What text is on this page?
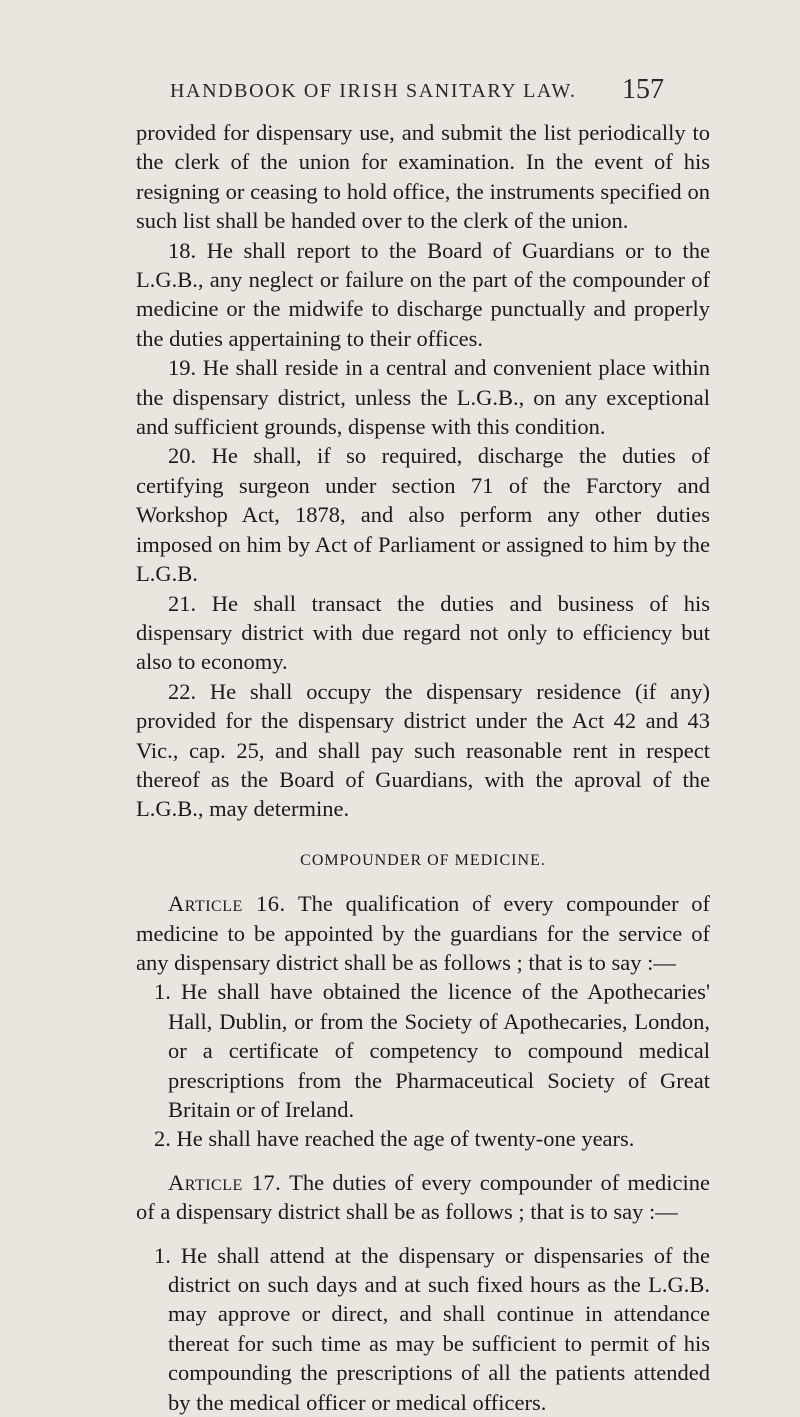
HANDBOOK OF IRISH SANITARY LAW. 157

provided for dispensary use, and submit the list periodically to the clerk of the union for examination. In the event of his resigning or ceasing to hold office, the instruments specified on such list shall be handed over to the clerk of the union.

18. He shall report to the Board of Guardians or to the L.G.B., any neglect or failure on the part of the compounder of medicine or the midwife to discharge punctually and properly the duties appertaining to their offices.

19. He shall reside in a central and convenient place within the dispensary district, unless the L.G.B., on any exceptional and sufficient grounds, dispense with this condition.

20. He shall, if so required, discharge the duties of certifying surgeon under section 71 of the Farctory and Workshop Act, 1878, and also perform any other duties imposed on him by Act of Parliament or assigned to him by the L.G.B.

21. He shall transact the duties and business of his dispensary district with due regard not only to efficiency but also to economy.

22. He shall occupy the dispensary residence (if any) provided for the dispensary district under the Act 42 and 43 Vic., cap. 25, and shall pay such reasonable rent in respect thereof as the Board of Guardians, with the aproval of the L.G.B., may determine.

COMPOUNDER OF MEDICINE.

Article 16. The qualification of every compounder of medicine to be appointed by the guardians for the service of any dispensary district shall be as follows ; that is to say :—

1. He shall have obtained the licence of the Apothecaries' Hall, Dublin, or from the Society of Apothecaries, London, or a certificate of competency to compound medical prescriptions from the Pharmaceutical Society of Great Britain or of Ireland.

2. He shall have reached the age of twenty-one years.

Article 17. The duties of every compounder of medicine of a dispensary district shall be as follows ; that is to say :—

1. He shall attend at the dispensary or dispensaries of the district on such days and at such fixed hours as the L.G.B. may approve or direct, and shall continue in attendance thereat for such time as may be sufficient to permit of his compounding the prescriptions of all the patients attended by the medical officer or medical officers.
